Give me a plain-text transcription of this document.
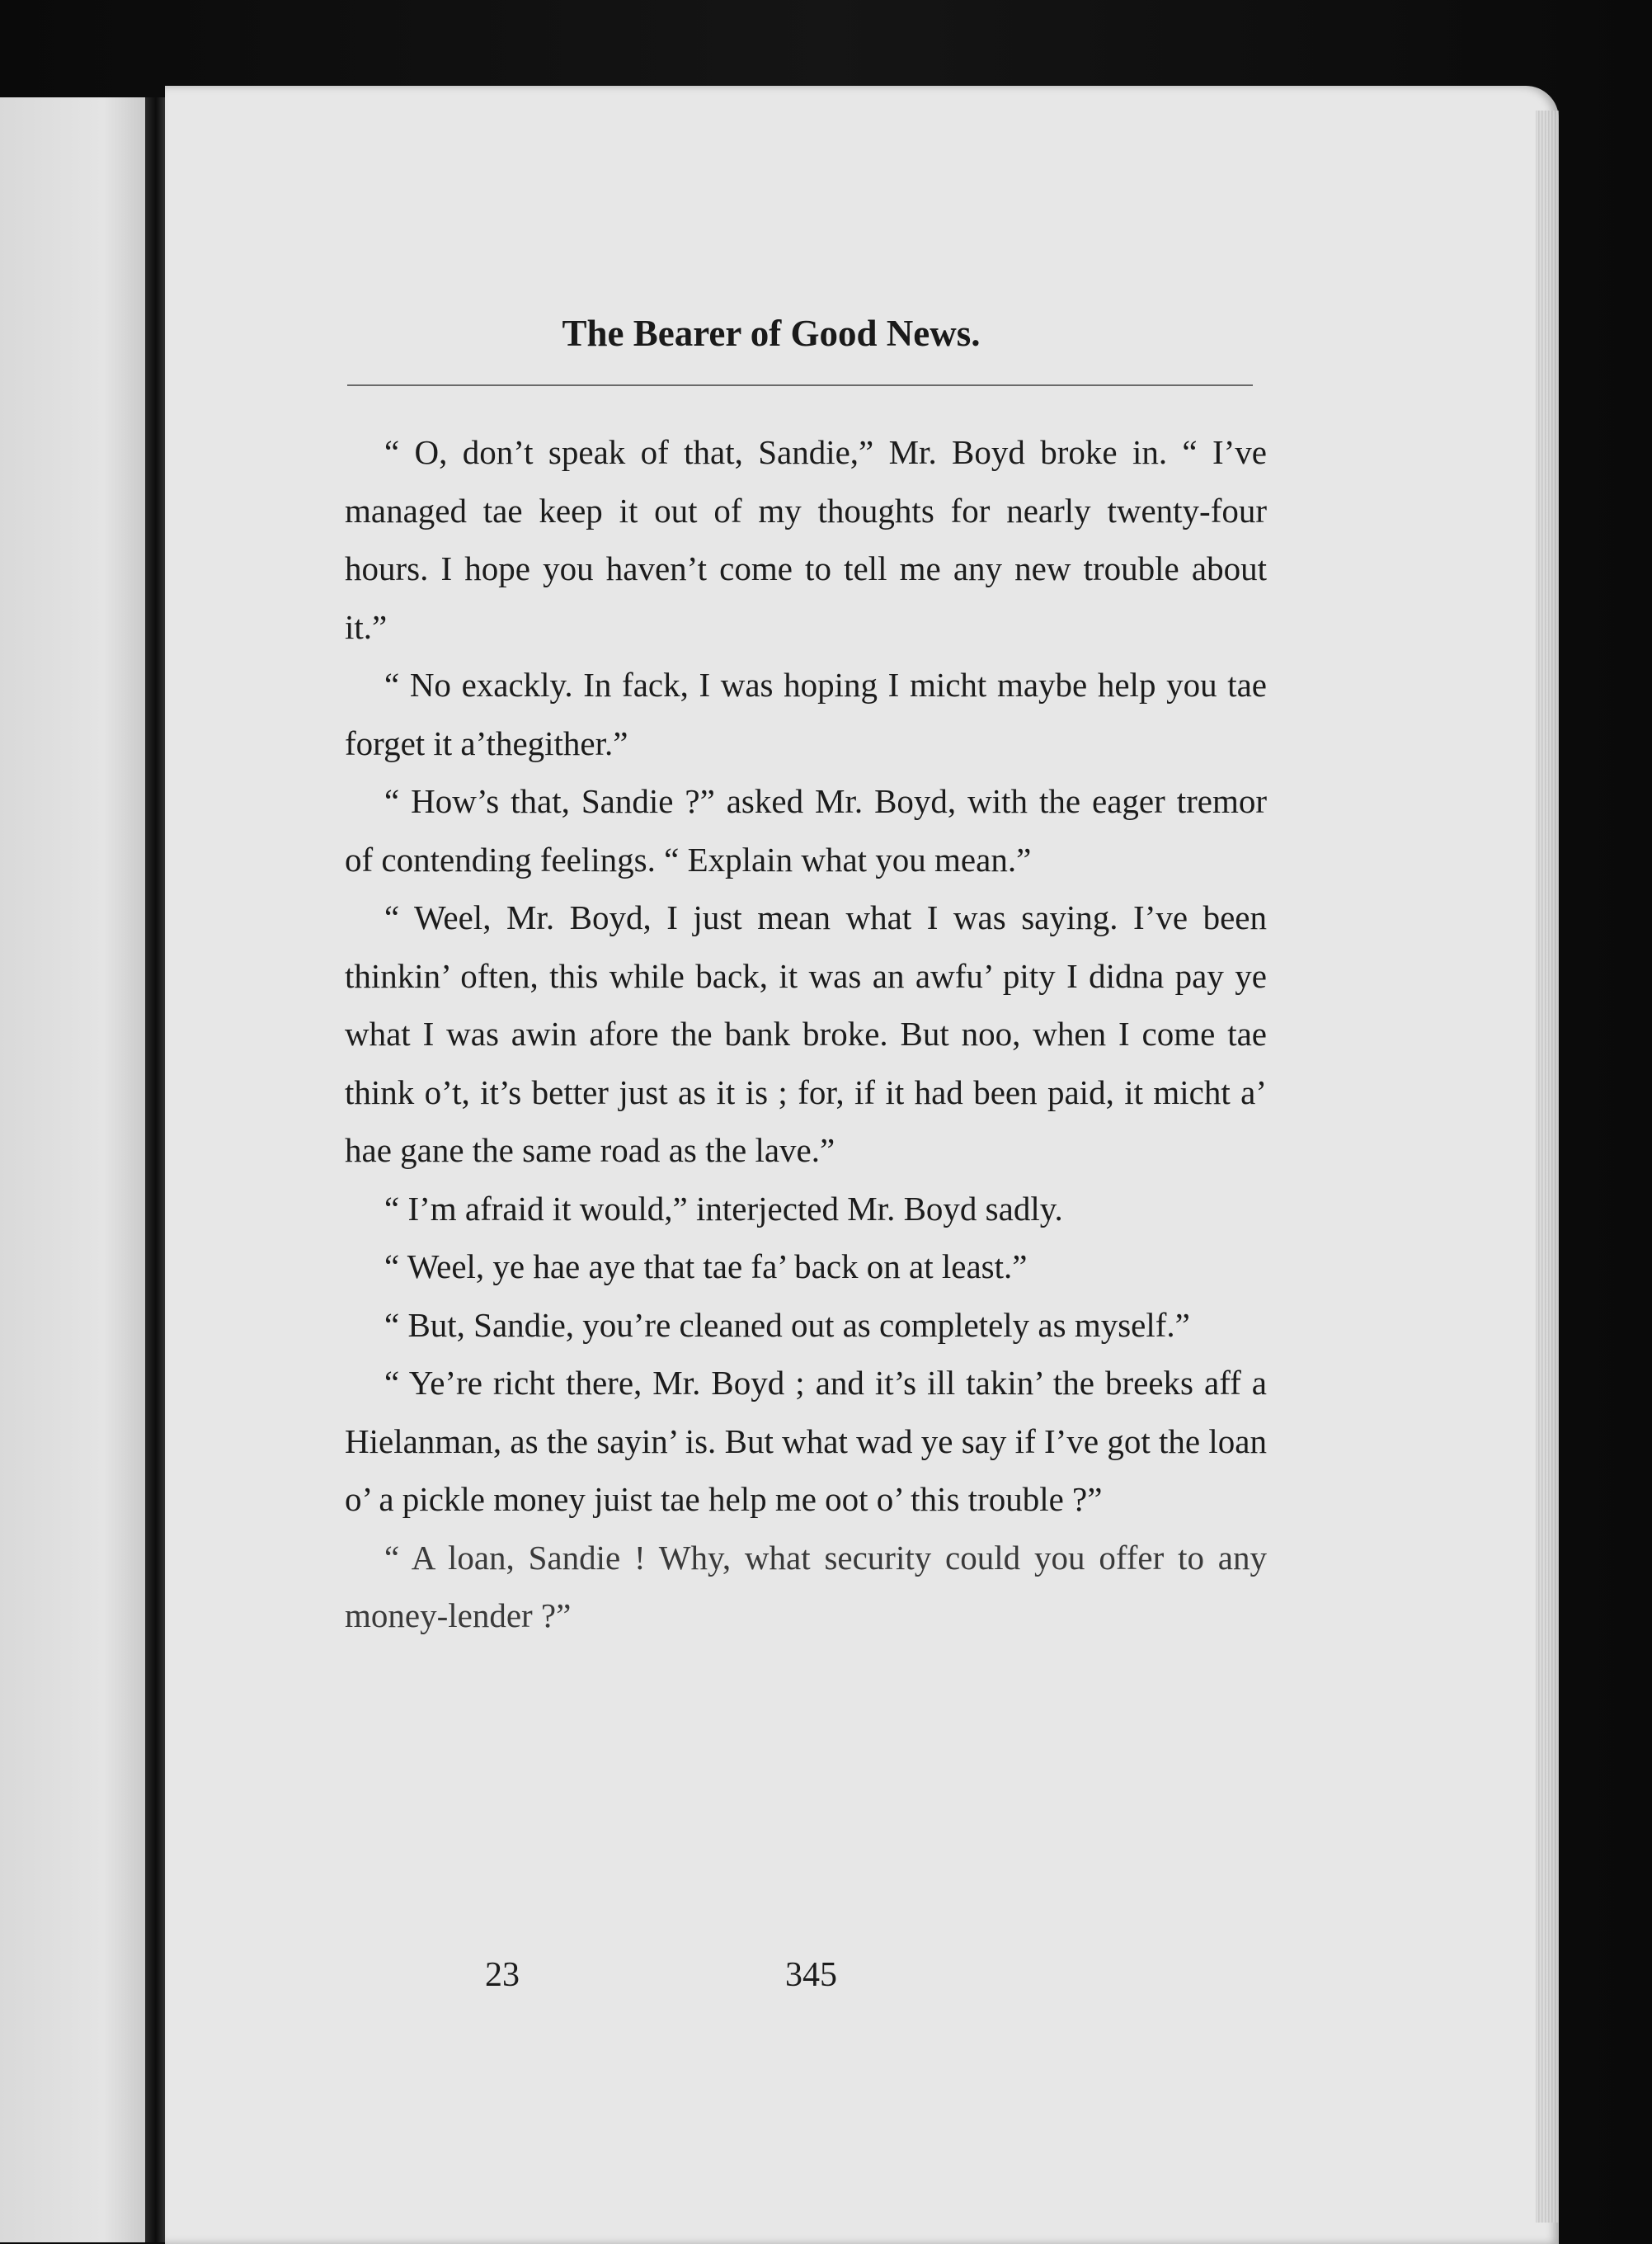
The Bearer of Good News.

“ O, don’t speak of that, Sandie,” Mr. Boyd broke in. “ I’ve managed tae keep it out of my thoughts for nearly twenty-four hours. I hope you haven’t come to tell me any new trouble about it.”

“ No exackly. In fack, I was hoping I micht maybe help you tae forget it a’thegither.”

“ How’s that, Sandie ?” asked Mr. Boyd, with the eager tremor of contending feelings. “ Explain what you mean.”

“ Weel, Mr. Boyd, I just mean what I was saying. I’ve been thinkin’ often, this while back, it was an awfu’ pity I didna pay ye what I was awin afore the bank broke. But noo, when I come tae think o’t, it’s better just as it is ; for, if it had been paid, it micht a’ hae gane the same road as the lave.”

“ I’m afraid it would,” interjected Mr. Boyd sadly.

“ Weel, ye hae aye that tae fa’ back on at least.”

“ But, Sandie, you’re cleaned out as completely as myself.”

“ Ye’re richt there, Mr. Boyd ; and it’s ill takin’ the breeks aff a Hielanman, as the sayin’ is. But what wad ye say if I’ve got the loan o’ a pickle money juist tae help me oot o’ this trouble ?”

“ A loan, Sandie ! Why, what security could you offer to any money-lender ?”

23	345
